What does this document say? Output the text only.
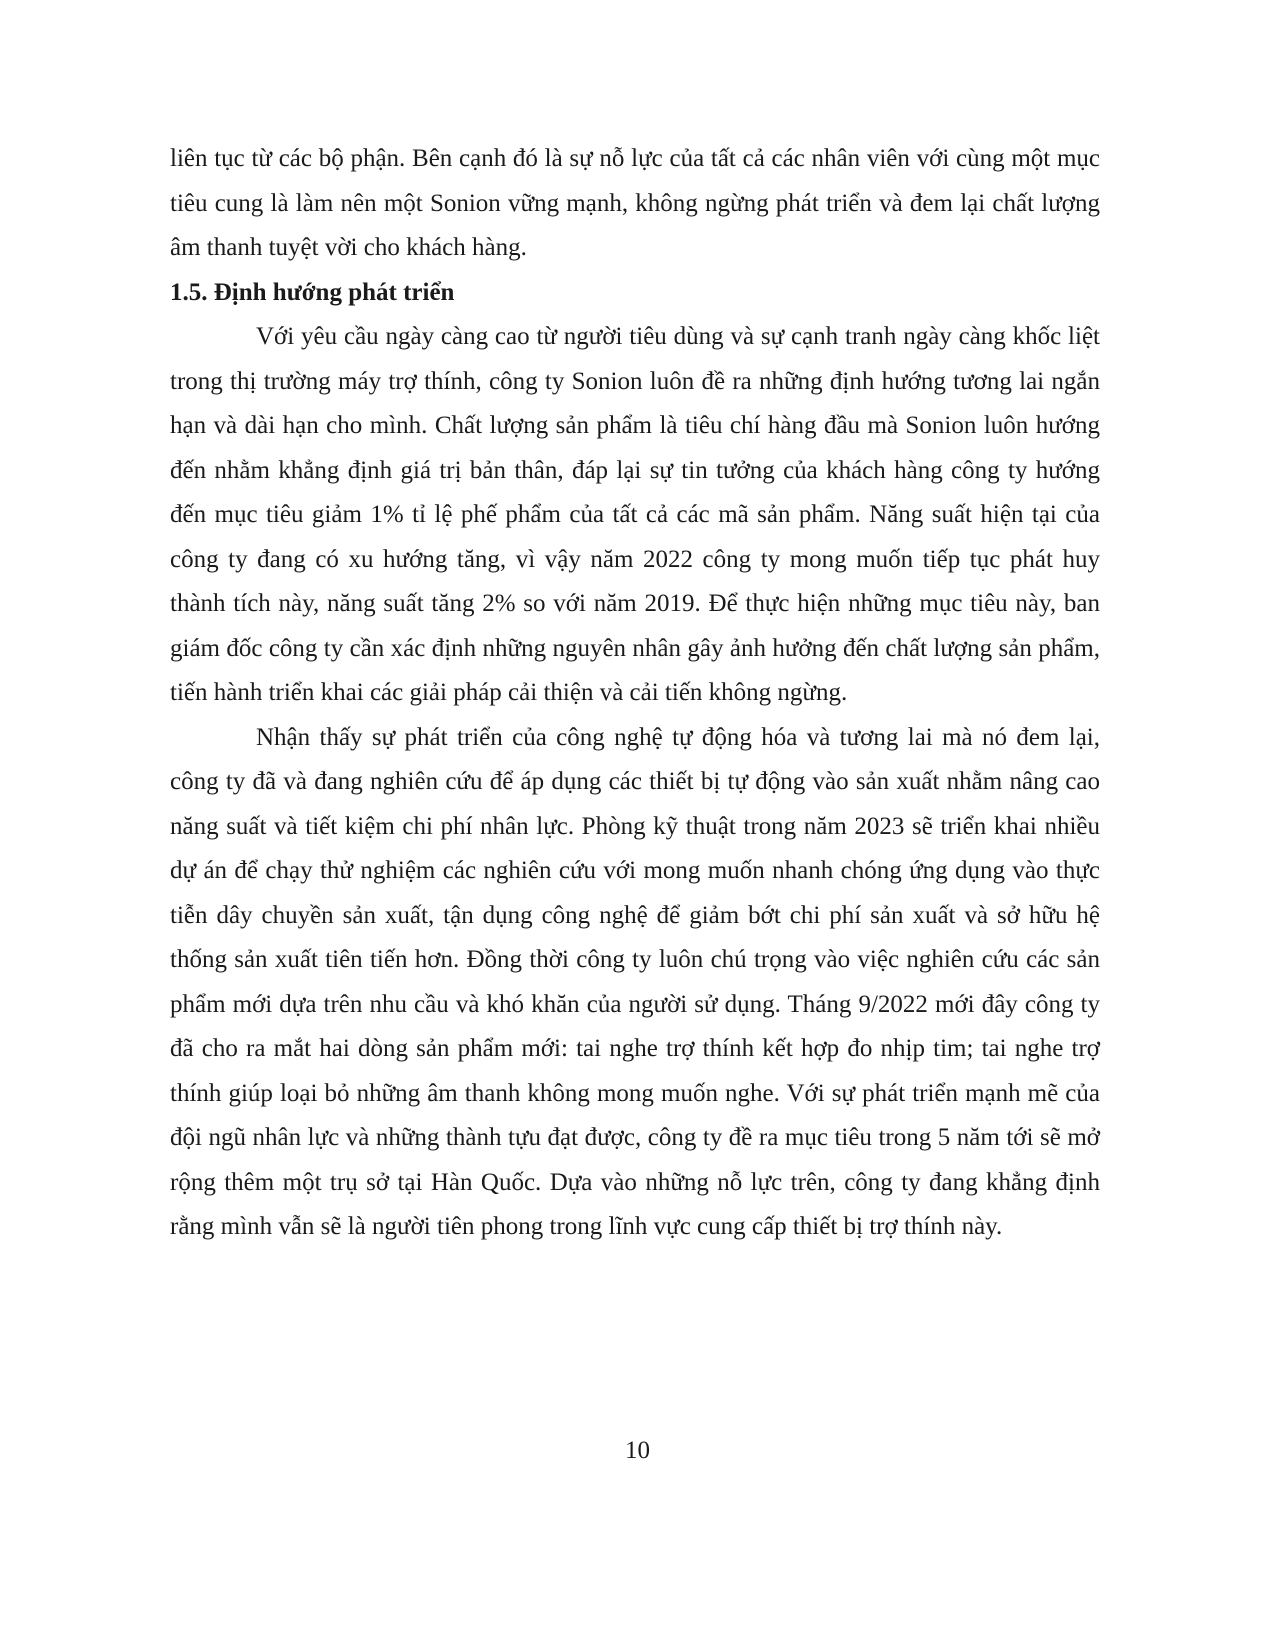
liên tục từ các bộ phận. Bên cạnh đó là sự nỗ lực của tất cả các nhân viên với cùng một mục tiêu cung là làm nên một Sonion vững mạnh, không ngừng phát triển và đem lại chất lượng âm thanh tuyệt vời cho khách hàng.

1.5. Định hướng phát triển

Với yêu cầu ngày càng cao từ người tiêu dùng và sự cạnh tranh ngày càng khốc liệt trong thị trường máy trợ thính, công ty Sonion luôn đề ra những định hướng tương lai ngắn hạn và dài hạn cho mình. Chất lượng sản phẩm là tiêu chí hàng đầu mà Sonion luôn hướng đến nhằm khẳng định giá trị bản thân, đáp lại sự tin tưởng của khách hàng công ty hướng đến mục tiêu giảm 1% tỉ lệ phế phẩm của tất cả các mã sản phẩm. Năng suất hiện tại của công ty đang có xu hướng tăng, vì vậy năm 2022 công ty mong muốn tiếp tục phát huy thành tích này, năng suất tăng 2% so với năm 2019. Để thực hiện những mục tiêu này, ban giám đốc công ty cần xác định những nguyên nhân gây ảnh hưởng đến chất lượng sản phẩm, tiến hành triển khai các giải pháp cải thiện và cải tiến không ngừng.

Nhận thấy sự phát triển của công nghệ tự động hóa và tương lai mà nó đem lại, công ty đã và đang nghiên cứu để áp dụng các thiết bị tự động vào sản xuất nhằm nâng cao năng suất và tiết kiệm chi phí nhân lực. Phòng kỹ thuật trong năm 2023 sẽ triển khai nhiều dự án để chạy thử nghiệm các nghiên cứu với mong muốn nhanh chóng ứng dụng vào thực tiễn dây chuyền sản xuất, tận dụng công nghệ để giảm bớt chi phí sản xuất và sở hữu hệ thống sản xuất tiên tiến hơn. Đồng thời công ty luôn chú trọng vào việc nghiên cứu các sản phẩm mới dựa trên nhu cầu và khó khăn của người sử dụng. Tháng 9/2022 mới đây công ty đã cho ra mắt hai dòng sản phẩm mới: tai nghe trợ thính kết hợp đo nhịp tim; tai nghe trợ thính giúp loại bỏ những âm thanh không mong muốn nghe. Với sự phát triển mạnh mẽ của đội ngũ nhân lực và những thành tựu đạt được, công ty đề ra mục tiêu trong 5 năm tới sẽ mở rộng thêm một trụ sở tại Hàn Quốc. Dựa vào những nỗ lực trên, công ty đang khẳng định rằng mình vẫn sẽ là người tiên phong trong lĩnh vực cung cấp thiết bị trợ thính này.

10
